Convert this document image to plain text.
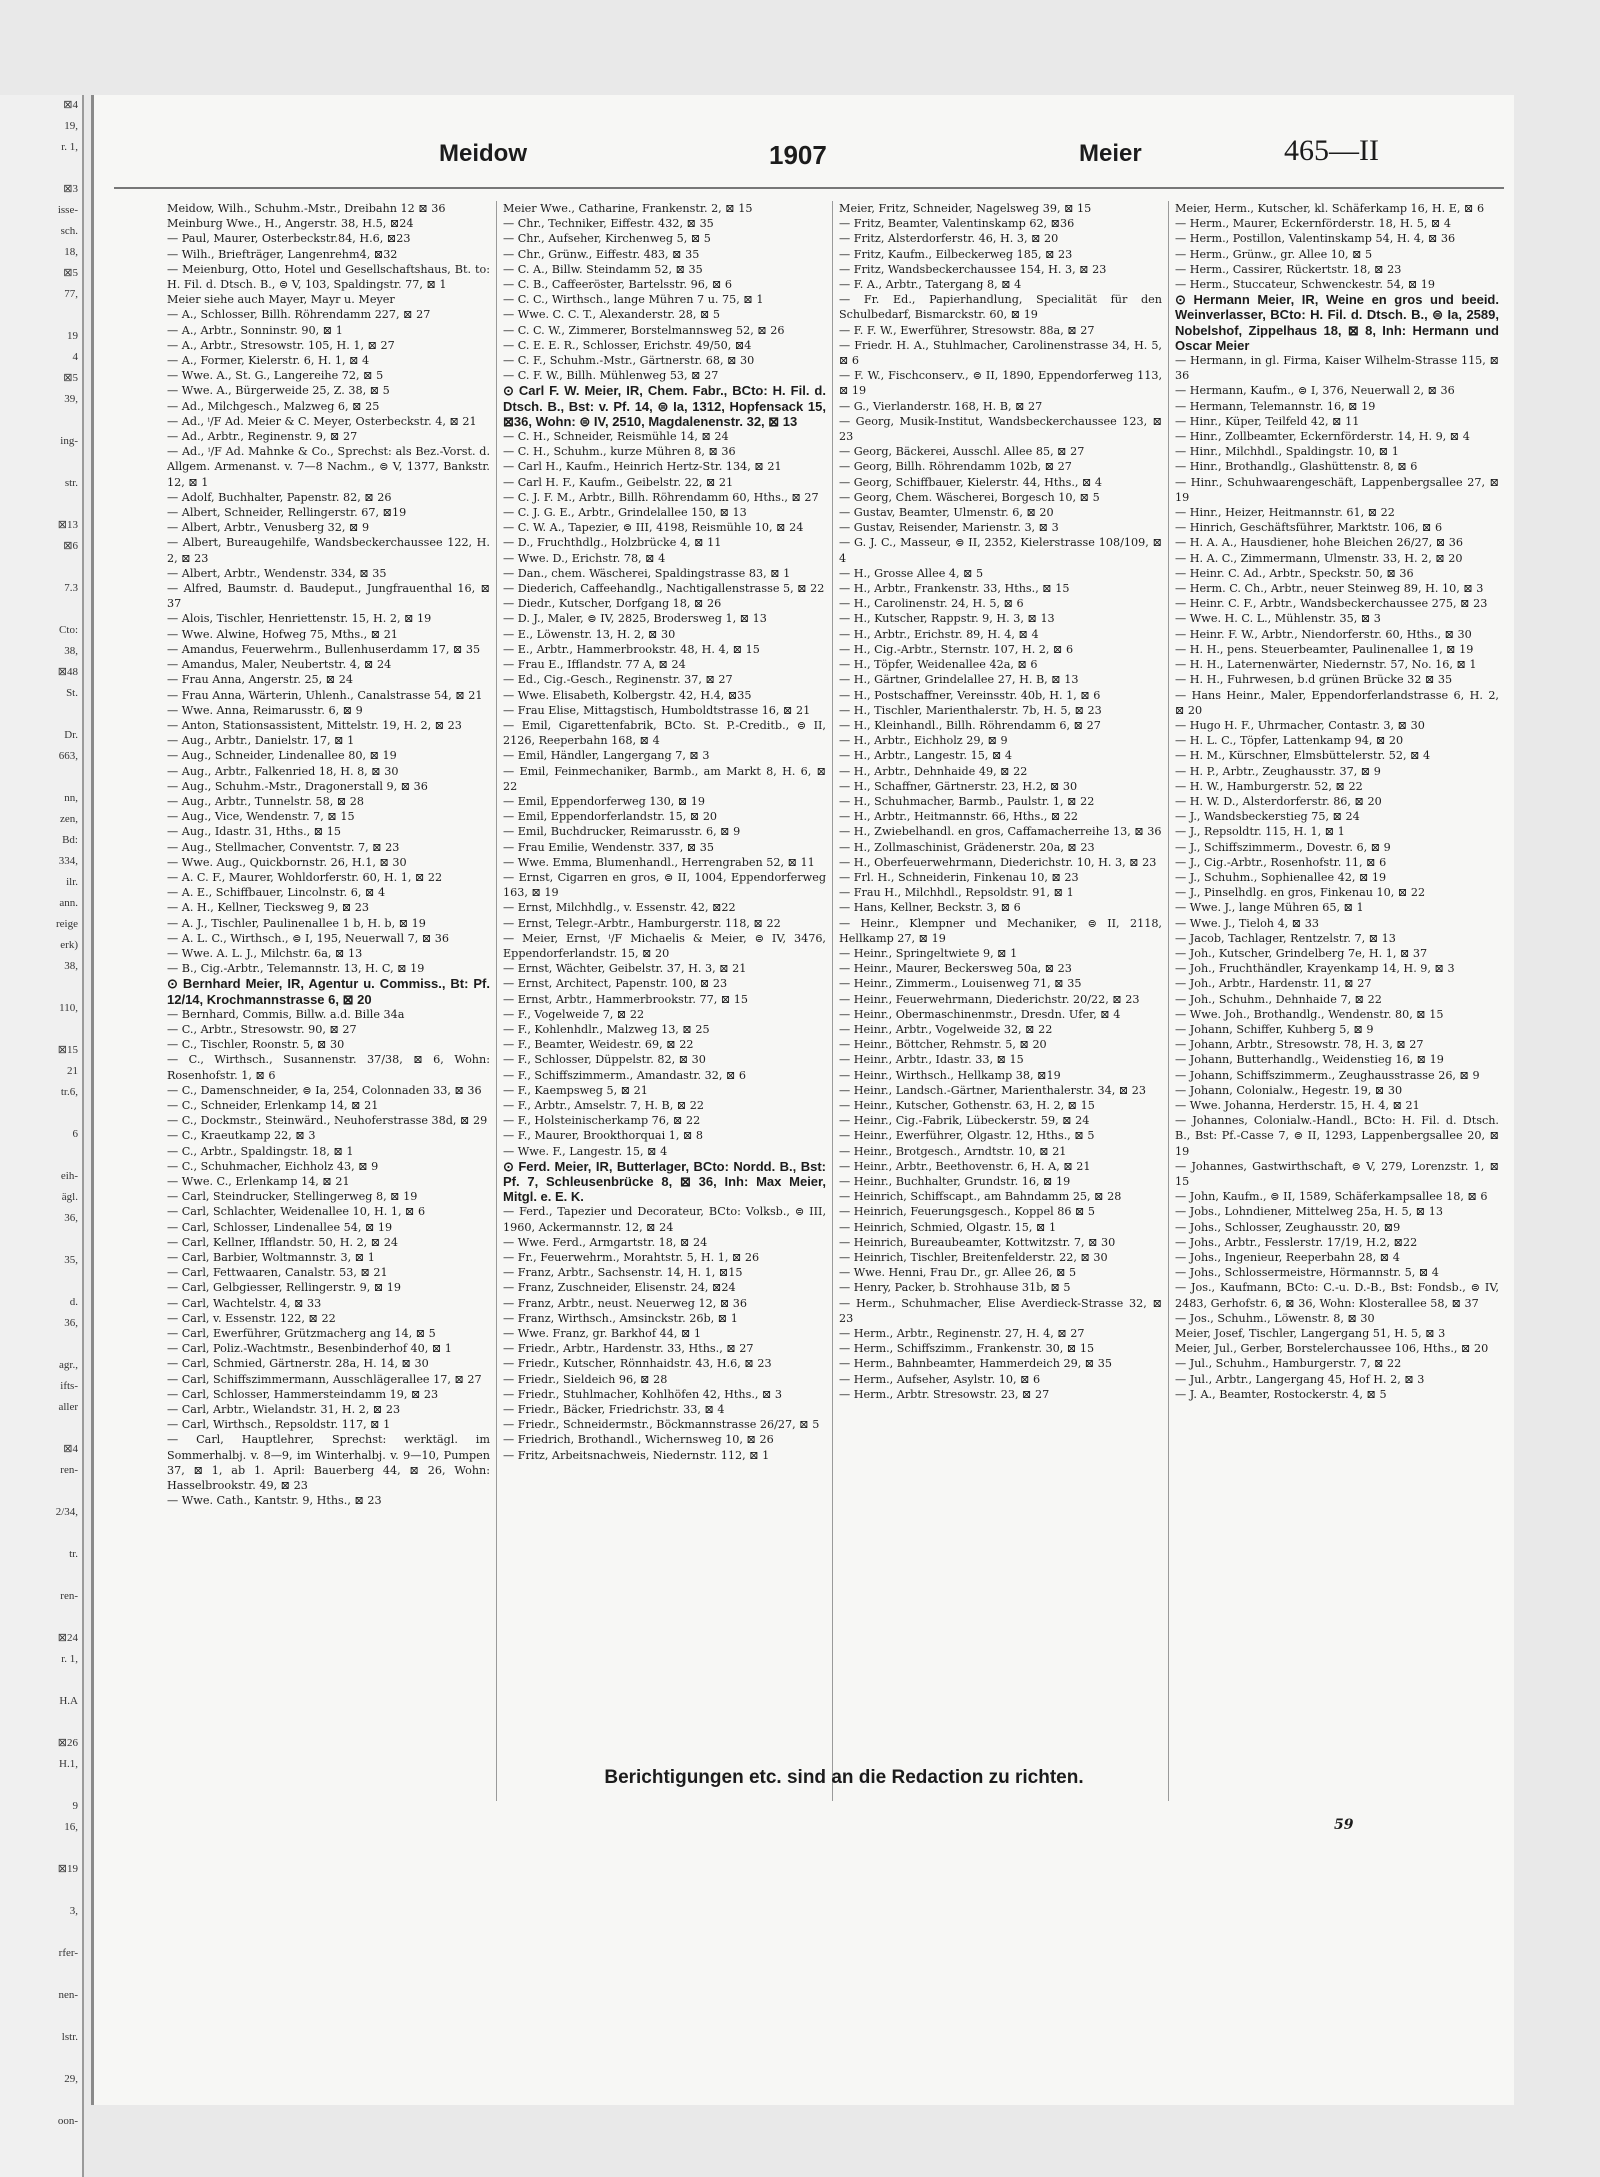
⊠4
19,
r. 1,

⊠3
isse-
sch.
18,
⊠5
77,

19
4
⊠5
39,

ing-

str.

⊠13
⊠6

7.3

Cto:
38,
⊠48
St.

Dr.
663,

nn,
zen,
Bd:
334,
ilr.
ann.
reige
erk)
38,

110,

⊠15
21
tr.6,

6

eih-
ägl.
36,

35,

d.
36,

agr.,
ifts-
aller

⊠4
ren-

2/34,

tr.

ren-

⊠24
r. 1,

H.A

⊠26
H.1,

9
16,

⊠19

3,

rfer-

nen-

lstr.

29,

oon-
Meidow	1907	Meier	465—II

Meidow, Wilh., Schuhm.-Mstr., Dreibahn 12 ⊠ 36

Meinburg Wwe., H., Angerstr. 38, H.5, ⊠24

— Paul, Maurer, Osterbeckstr.84, H.6, ⊠23

— Wilh., Briefträger, Langenrehm4, ⊠32

— Meienburg, Otto, Hotel und Gesellschaftshaus, Bt. to: H. Fil. d. Dtsch. B., ⊜ V, 103, Spaldingstr. 77, ⊠ 1

Meier siehe auch Mayer, Mayr u. Meyer

— A., Schlosser, Billh. Röhrendamm 227, ⊠ 27

— A., Arbtr., Sonninstr. 90, ⊠ 1

— A., Arbtr., Stresowstr. 105, H. 1, ⊠ 27

— A., Former, Kielerstr. 6, H. 1, ⊠ 4

— Wwe. A., St. G., Langereihe 72, ⊠ 5

— Wwe. A., Bürgerweide 25, Z. 38, ⊠ 5

— Ad., Milchgesch., Malzweg 6, ⊠ 25

— Ad., ⁱ/F Ad. Meier & C. Meyer, Osterbeckstr. 4, ⊠ 21

— Ad., Arbtr., Reginenstr. 9, ⊠ 27

— Ad., ⁱ/F Ad. Mahnke & Co., Sprechst: als Bez.-Vorst. d. Allgem. Armenanst. v. 7—8 Nachm., ⊜ V, 1377, Bankstr. 12, ⊠ 1

— Adolf, Buchhalter, Papenstr. 82, ⊠ 26

— Albert, Schneider, Rellingerstr. 67, ⊠19

— Albert, Arbtr., Venusberg 32, ⊠ 9

— Albert, Bureaugehilfe, Wandsbeckerchaussee 122, H. 2, ⊠ 23

— Albert, Arbtr., Wendenstr. 334, ⊠ 35

— Alfred, Baumstr. d. Baudeput., Jungfrauenthal 16, ⊠ 37

— Alois, Tischler, Henriettenstr. 15, H. 2, ⊠ 19

— Wwe. Alwine, Hofweg 75, Mths., ⊠ 21

— Amandus, Feuerwehrm., Bullenhuserdamm 17, ⊠ 35

— Amandus, Maler, Neubertstr. 4, ⊠ 24

— Frau Anna, Angerstr. 25, ⊠ 24

— Frau Anna, Wärterin, Uhlenh., Canalstrasse 54, ⊠ 21

— Wwe. Anna, Reimarusstr. 6, ⊠ 9

— Anton, Stationsassistent, Mittelstr. 19, H. 2, ⊠ 23

— Aug., Arbtr., Danielstr. 17, ⊠ 1

— Aug., Schneider, Lindenallee 80, ⊠ 19

— Aug., Arbtr., Falkenried 18, H. 8, ⊠ 30

— Aug., Schuhm.-Mstr., Dragonerstall 9, ⊠ 36

— Aug., Arbtr., Tunnelstr. 58, ⊠ 28

— Aug., Vice, Wendenstr. 7, ⊠ 15

— Aug., Idastr. 31, Hths., ⊠ 15

— Aug., Stellmacher, Conventstr. 7, ⊠ 23

— Wwe. Aug., Quickbornstr. 26, H.1, ⊠ 30

— A. C. F., Maurer, Wohldorferstr. 60, H. 1, ⊠ 22

— A. E., Schiffbauer, Lincolnstr. 6, ⊠ 4

— A. H., Kellner, Tiecksweg 9, ⊠ 23

— A. J., Tischler, Paulinenallee 1 b, H. b, ⊠ 19

— A. L. C., Wirthsch., ⊜ I, 195, Neuerwall 7, ⊠ 36

— Wwe. A. L. J., Milchstr. 6a, ⊠ 13

— B., Cig.-Arbtr., Telemannstr. 13, H. C, ⊠ 19

⊙ Bernhard Meier, IR, Agentur u. Commiss., Bt: Pf. 12/14, Krochmannstrasse 6, ⊠ 20

— Bernhard, Commis, Billw. a.d. Bille 34a

— C., Arbtr., Stresowstr. 90, ⊠ 27

— C., Tischler, Roonstr. 5, ⊠ 30

— C., Wirthsch., Susannenstr. 37/38, ⊠ 6, Wohn: Rosenhofstr. 1, ⊠ 6

— C., Damenschneider, ⊜ Ia, 254, Colonnaden 33, ⊠ 36

— C., Schneider, Erlenkamp 14, ⊠ 21

— C., Dockmstr., Steinwärd., Neuhoferstrasse 38d, ⊠ 29

— C., Kraeutkamp 22, ⊠ 3

— C., Arbtr., Spaldingstr. 18, ⊠ 1

— C., Schuhmacher, Eichholz 43, ⊠ 9

— Wwe. C., Erlenkamp 14, ⊠ 21

— Carl, Steindrucker, Stellingerweg 8, ⊠ 19

— Carl, Schlachter, Weidenallee 10, H. 1, ⊠ 6

— Carl, Schlosser, Lindenallee 54, ⊠ 19

— Carl, Kellner, Ifflandstr. 50, H. 2, ⊠ 24

— Carl, Barbier, Woltmannstr. 3, ⊠ 1

— Carl, Fettwaaren, Canalstr. 53, ⊠ 21

— Carl, Gelbgiesser, Rellingerstr. 9, ⊠ 19

— Carl, Wachtelstr. 4, ⊠ 33

— Carl, v. Essenstr. 122, ⊠ 22

— Carl, Ewerführer, Grützmacherg ang 14, ⊠ 5

— Carl, Poliz.-Wachtmstr., Besenbinderhof 40, ⊠ 1

— Carl, Schmied, Gärtnerstr. 28a, H. 14, ⊠ 30

— Carl, Schiffszimmermann, Ausschlägerallee 17, ⊠ 27

— Carl, Schlosser, Hammersteindamm 19, ⊠ 23

— Carl, Arbtr., Wielandstr. 31, H. 2, ⊠ 23

— Carl, Wirthsch., Repsoldstr. 117, ⊠ 1

— Carl, Hauptlehrer, Sprechst: werktägl. im Sommerhalbj. v. 8—9, im Winterhalbj. v. 9—10, Pumpen 37, ⊠ 1, ab 1. April: Bauerberg 44, ⊠ 26, Wohn: Hasselbrookstr. 49, ⊠ 23

— Wwe. Cath., Kantstr. 9, Hths., ⊠ 23

Meier Wwe., Catharine, Frankenstr. 2, ⊠ 15

— Chr., Techniker, Eiffestr. 432, ⊠ 35

— Chr., Aufseher, Kirchenweg 5, ⊠ 5

— Chr., Grünw., Eiffestr. 483, ⊠ 35

— C. A., Billw. Steindamm 52, ⊠ 35

— C. B., Caffeeröster, Bartelsstr. 96, ⊠ 6

— C. C., Wirthsch., lange Mühren 7 u. 75, ⊠ 1

— Wwe. C. C. T., Alexanderstr. 28, ⊠ 5

— C. C. W., Zimmerer, Borstelmannsweg 52, ⊠ 26

— C. E. E. R., Schlosser, Erichstr. 49/50, ⊠4

— C. F., Schuhm.-Mstr., Gärtnerstr. 68, ⊠ 30

— C. F. W., Billh. Mühlenweg 53, ⊠ 27

⊙ Carl F. W. Meier, IR, Chem. Fabr., BCto: H. Fil. d. Dtsch. B., Bst: v. Pf. 14, ⊜ Ia, 1312, Hopfensack 15, ⊠36, Wohn: ⊜ IV, 2510, Magdalenenstr. 32, ⊠ 13

— C. H., Schneider, Reismühle 14, ⊠ 24

— C. H., Schuhm., kurze Mühren 8, ⊠ 36

— Carl H., Kaufm., Heinrich Hertz-Str. 134, ⊠ 21

— Carl H. F., Kaufm., Geibelstr. 22, ⊠ 21

— C. J. F. M., Arbtr., Billh. Röhrendamm 60, Hths., ⊠ 27

— C. J. G. E., Arbtr., Grindelallee 150, ⊠ 13

— C. W. A., Tapezier, ⊜ III, 4198, Reismühle 10, ⊠ 24

— D., Fruchthdlg., Holzbrücke 4, ⊠ 11

— Wwe. D., Erichstr. 78, ⊠ 4

— Dan., chem. Wäscherei, Spaldingstrasse 83, ⊠ 1

— Diederich, Caffeehandlg., Nachtigallenstrasse 5, ⊠ 22

— Diedr., Kutscher, Dorfgang 18, ⊠ 26

— D. J., Maler, ⊜ IV, 2825, Brodersweg 1, ⊠ 13

— E., Löwenstr. 13, H. 2, ⊠ 30

— E., Arbtr., Hammerbrookstr. 48, H. 4, ⊠ 15

— Frau E., Ifflandstr. 77 A, ⊠ 24

— Ed., Cig.-Gesch., Reginenstr. 37, ⊠ 27

— Wwe. Elisabeth, Kolbergstr. 42, H.4, ⊠35

— Frau Elise, Mittagstisch, Humboldtstrasse 16, ⊠ 21

— Emil, Cigarettenfabrik, BCto. St. P.-Creditb., ⊜ II, 2126, Reeperbahn 168, ⊠ 4

— Emil, Händler, Langergang 7, ⊠ 3

— Emil, Feinmechaniker, Barmb., am Markt 8, H. 6, ⊠ 22

— Emil, Eppendorferweg 130, ⊠ 19

— Emil, Eppendorferlandstr. 15, ⊠ 20

— Emil, Buchdrucker, Reimarusstr. 6, ⊠ 9

— Frau Emilie, Wendenstr. 337, ⊠ 35

— Wwe. Emma, Blumenhandl., Herrengraben 52, ⊠ 11

— Ernst, Cigarren en gros, ⊜ II, 1004, Eppendorferweg 163, ⊠ 19

— Ernst, Milchhdlg., v. Essenstr. 42, ⊠22

— Ernst, Telegr.-Arbtr., Hamburgerstr. 118, ⊠ 22

— Meier, Ernst, ⁱ/F Michaelis & Meier, ⊜ IV, 3476, Eppendorferlandstr. 15, ⊠ 20

— Ernst, Wächter, Geibelstr. 37, H. 3, ⊠ 21

— Ernst, Architect, Papenstr. 100, ⊠ 23

— Ernst, Arbtr., Hammerbrookstr. 77, ⊠ 15

— F., Vogelweide 7, ⊠ 22

— F., Kohlenhdlr., Malzweg 13, ⊠ 25

— F., Beamter, Weidestr. 69, ⊠ 22

— F., Schlosser, Düppelstr. 82, ⊠ 30

— F., Schiffszimmerm., Amandastr. 32, ⊠ 6

— F., Kaempsweg 5, ⊠ 21

— F., Arbtr., Amselstr. 7, H. B, ⊠ 22

— F., Holsteinischerkamp 76, ⊠ 22

— F., Maurer, Brookthorquai 1, ⊠ 8

— Wwe. F., Langestr. 15, ⊠ 4

⊙ Ferd. Meier, IR, Butterlager, BCto: Nordd. B., Bst: Pf. 7, Schleusenbrücke 8, ⊠ 36, Inh: Max Meier, Mitgl. e. E. K.

— Ferd., Tapezier und Decorateur, BCto: Volksb., ⊜ III, 1960, Ackermannstr. 12, ⊠ 24

— Wwe. Ferd., Armgartstr. 18, ⊠ 24

— Fr., Feuerwehrm., Morahtstr. 5, H. 1, ⊠ 26

— Franz, Arbtr., Sachsenstr. 14, H. 1, ⊠15

— Franz, Zuschneider, Elisenstr. 24, ⊠24

— Franz, Arbtr., neust. Neuerweg 12, ⊠ 36

— Franz, Wirthsch., Amsinckstr. 26b, ⊠ 1

— Wwe. Franz, gr. Barkhof 44, ⊠ 1

— Friedr., Arbtr., Hardenstr. 33, Hths., ⊠ 27

— Friedr., Kutscher, Rönnhaidstr. 43, H.6, ⊠ 23

— Friedr., Sieldeich 96, ⊠ 28

— Friedr., Stuhlmacher, Kohlhöfen 42, Hths., ⊠ 3

— Friedr., Bäcker, Friedrichstr. 33, ⊠ 4

— Friedr., Schneidermstr., Böckmannstrasse 26/27, ⊠ 5

— Friedrich, Brothandl., Wichernsweg 10, ⊠ 26

— Fritz, Arbeitsnachweis, Niedernstr. 112, ⊠ 1

Meier, Fritz, Schneider, Nagelsweg 39, ⊠ 15

— Fritz, Beamter, Valentinskamp 62, ⊠36

— Fritz, Alsterdorferstr. 46, H. 3, ⊠ 20

— Fritz, Kaufm., Eilbeckerweg 185, ⊠ 23

— Fritz, Wandsbeckerchaussee 154, H. 3, ⊠ 23

— F. A., Arbtr., Tatergang 8, ⊠ 4

— Fr. Ed., Papierhandlung, Specialität für den Schulbedarf, Bismarckstr. 60, ⊠ 19

— F. F. W., Ewerführer, Stresowstr. 88a, ⊠ 27

— Friedr. H. A., Stuhlmacher, Carolinenstrasse 34, H. 5, ⊠ 6

— F. W., Fischconserv., ⊜ II, 1890, Eppendorferweg 113, ⊠ 19

— G., Vierlanderstr. 168, H. B, ⊠ 27

— Georg, Musik-Institut, Wandsbeckerchaussee 123, ⊠ 23

— Georg, Bäckerei, Ausschl. Allee 85, ⊠ 27

— Georg, Billh. Röhrendamm 102b, ⊠ 27

— Georg, Schiffbauer, Kielerstr. 44, Hths., ⊠ 4

— Georg, Chem. Wäscherei, Borgesch 10, ⊠ 5

— Gustav, Beamter, Ulmenstr. 6, ⊠ 20

— Gustav, Reisender, Marienstr. 3, ⊠ 3

— G. J. C., Masseur, ⊜ II, 2352, Kielerstrasse 108/109, ⊠ 4

— H., Grosse Allee 4, ⊠ 5

— H., Arbtr., Frankenstr. 33, Hths., ⊠ 15

— H., Carolinenstr. 24, H. 5, ⊠ 6

— H., Kutscher, Rappstr. 9, H. 3, ⊠ 13

— H., Arbtr., Erichstr. 89, H. 4, ⊠ 4

— H., Cig.-Arbtr., Sternstr. 107, H. 2, ⊠ 6

— H., Töpfer, Weidenallee 42a, ⊠ 6

— H., Gärtner, Grindelallee 27, H. B, ⊠ 13

— H., Postschaffner, Vereinsstr. 40b, H. 1, ⊠ 6

— H., Tischler, Marienthalerstr. 7b, H. 5, ⊠ 23

— H., Kleinhandl., Billh. Röhrendamm 6, ⊠ 27

— H., Arbtr., Eichholz 29, ⊠ 9

— H., Arbtr., Langestr. 15, ⊠ 4

— H., Arbtr., Dehnhaide 49, ⊠ 22

— H., Schaffner, Gärtnerstr. 23, H.2, ⊠ 30

— H., Schuhmacher, Barmb., Paulstr. 1, ⊠ 22

— H., Arbtr., Heitmannstr. 66, Hths., ⊠ 22

— H., Zwiebelhandl. en gros, Caffamacherreihe 13, ⊠ 36

— H., Zollmaschinist, Grädenerstr. 20a, ⊠ 23

— H., Oberfeuerwehrmann, Diederichstr. 10, H. 3, ⊠ 23

— Frl. H., Schneiderin, Finkenau 10, ⊠ 23

— Frau H., Milchhdl., Repsoldstr. 91, ⊠ 1

— Hans, Kellner, Beckstr. 3, ⊠ 6

— Heinr., Klempner und Mechaniker, ⊜ II, 2118, Hellkamp 27, ⊠ 19

— Heinr., Springeltwiete 9, ⊠ 1

— Heinr., Maurer, Beckersweg 50a, ⊠ 23

— Heinr., Zimmerm., Louisenweg 71, ⊠ 35

— Heinr., Feuerwehrmann, Diederichstr. 20/22, ⊠ 23

— Heinr., Obermaschinenmstr., Dresdn. Ufer, ⊠ 4

— Heinr., Arbtr., Vogelweide 32, ⊠ 22

— Heinr., Böttcher, Rehmstr. 5, ⊠ 20

— Heinr., Arbtr., Idastr. 33, ⊠ 15

— Heinr., Wirthsch., Hellkamp 38, ⊠19

— Heinr., Landsch.-Gärtner, Marienthalerstr. 34, ⊠ 23

— Heinr., Kutscher, Gothenstr. 63, H. 2, ⊠ 15

— Heinr., Cig.-Fabrik, Lübeckerstr. 59, ⊠ 24

— Heinr., Ewerführer, Olgastr. 12, Hths., ⊠ 5

— Heinr., Brotgesch., Arndtstr. 10, ⊠ 21

— Heinr., Arbtr., Beethovenstr. 6, H. A, ⊠ 21

— Heinr., Buchhalter, Grundstr. 16, ⊠ 19

— Heinrich, Schiffscapt., am Bahndamm 25, ⊠ 28

— Heinrich, Feuerungsgesch., Koppel 86 ⊠ 5

— Heinrich, Schmied, Olgastr. 15, ⊠ 1

— Heinrich, Bureaubeamter, Kottwitzstr. 7, ⊠ 30

— Heinrich, Tischler, Breitenfelderstr. 22, ⊠ 30

— Wwe. Henni, Frau Dr., gr. Allee 26, ⊠ 5

— Henry, Packer, b. Strohhause 31b, ⊠ 5

— Herm., Schuhmacher, Elise Averdieck-Strasse 32, ⊠ 23

— Herm., Arbtr., Reginenstr. 27, H. 4, ⊠ 27

— Herm., Schiffszimm., Frankenstr. 30, ⊠ 15

— Herm., Bahnbeamter, Hammerdeich 29, ⊠ 35

— Herm., Aufseher, Asylstr. 10, ⊠ 6

— Herm., Arbtr. Stresowstr. 23, ⊠ 27

Meier, Herm., Kutscher, kl. Schäferkamp 16, H. E, ⊠ 6

— Herm., Maurer, Eckernförderstr. 18, H. 5, ⊠ 4

— Herm., Postillon, Valentinskamp 54, H. 4, ⊠ 36

— Herm., Grünw., gr. Allee 10, ⊠ 5

— Herm., Cassirer, Rückertstr. 18, ⊠ 23

— Herm., Stuccateur, Schwenckestr. 54, ⊠ 19

⊙ Hermann Meier, IR, Weine en gros und beeid. Weinverlasser, BCto: H. Fil. d. Dtsch. B., ⊜ Ia, 2589, Nobelshof, Zippelhaus 18, ⊠ 8, Inh: Hermann und Oscar Meier

— Hermann, in gl. Firma, Kaiser Wilhelm-Strasse 115, ⊠ 36

— Hermann, Kaufm., ⊜ I, 376, Neuerwall 2, ⊠ 36

— Hermann, Telemannstr. 16, ⊠ 19

— Hinr., Küper, Teilfeld 42, ⊠ 11

— Hinr., Zollbeamter, Eckernförderstr. 14, H. 9, ⊠ 4

— Hinr., Milchhdl., Spaldingstr. 10, ⊠ 1

— Hinr., Brothandlg., Glashüttenstr. 8, ⊠ 6

— Hinr., Schuhwaarengeschäft, Lappenbergsallee 27, ⊠ 19

— Hinr., Heizer, Heitmannstr. 61, ⊠ 22

— Hinrich, Geschäftsführer, Marktstr. 106, ⊠ 6

— H. A. A., Hausdiener, hohe Bleichen 26/27, ⊠ 36

— H. A. C., Zimmermann, Ulmenstr. 33, H. 2, ⊠ 20

— Heinr. C. Ad., Arbtr., Speckstr. 50, ⊠ 36

— Herm. C. Ch., Arbtr., neuer Steinweg 89, H. 10, ⊠ 3

— Heinr. C. F., Arbtr., Wandsbeckerchaussee 275, ⊠ 23

— Wwe. H. C. L., Mühlenstr. 35, ⊠ 3

— Heinr. F. W., Arbtr., Niendorferstr. 60, Hths., ⊠ 30

— H. H., pens. Steuerbeamter, Paulinenallee 1, ⊠ 19

— H. H., Laternenwärter, Niedernstr. 57, No. 16, ⊠ 1

— H. H., Fuhrwesen, b.d grünen Brücke 32 ⊠ 35

— Hans Heinr., Maler, Eppendorferlandstrasse 6, H. 2, ⊠ 20

— Hugo H. F., Uhrmacher, Contastr. 3, ⊠ 30

— H. L. C., Töpfer, Lattenkamp 94, ⊠ 20

— H. M., Kürschner, Elmsbüttelerstr. 52, ⊠ 4

— H. P., Arbtr., Zeughausstr. 37, ⊠ 9

— H. W., Hamburgerstr. 52, ⊠ 22

— H. W. D., Alsterdorferstr. 86, ⊠ 20

— J., Wandsbeckerstieg 75, ⊠ 24

— J., Repsoldtr. 115, H. 1, ⊠ 1

— J., Schiffszimmerm., Dovestr. 6, ⊠ 9

— J., Cig.-Arbtr., Rosenhofstr. 11, ⊠ 6

— J., Schuhm., Sophienallee 42, ⊠ 19

— J., Pinselhdlg. en gros, Finkenau 10, ⊠ 22

— Wwe. J., lange Mühren 65, ⊠ 1

— Wwe. J., Tieloh 4, ⊠ 33

— Jacob, Tachlager, Rentzelstr. 7, ⊠ 13

— Joh., Kutscher, Grindelberg 7e, H. 1, ⊠ 37

— Joh., Fruchthändler, Krayenkamp 14, H. 9, ⊠ 3

— Joh., Arbtr., Hardenstr. 11, ⊠ 27

— Joh., Schuhm., Dehnhaide 7, ⊠ 22

— Wwe. Joh., Brothandlg., Wendenstr. 80, ⊠ 15

— Johann, Schiffer, Kuhberg 5, ⊠ 9

— Johann, Arbtr., Stresowstr. 78, H. 3, ⊠ 27

— Johann, Butterhandlg., Weidenstieg 16, ⊠ 19

— Johann, Schiffszimmerm., Zeughausstrasse 26, ⊠ 9

— Johann, Colonialw., Hegestr. 19, ⊠ 30

— Wwe. Johanna, Herderstr. 15, H. 4, ⊠ 21

— Johannes, Colonialw.-Handl., BCto: H. Fil. d. Dtsch. B., Bst: Pf.-Casse 7, ⊜ II, 1293, Lappenbergsallee 20, ⊠ 19

— Johannes, Gastwirthschaft, ⊜ V, 279, Lorenzstr. 1, ⊠ 15

— John, Kaufm., ⊜ II, 1589, Schäferkampsallee 18, ⊠ 6

— Jobs., Lohndiener, Mittelweg 25a, H. 5, ⊠ 13

— Johs., Schlosser, Zeughausstr. 20, ⊠9

— Johs., Arbtr., Fesslerstr. 17/19, H.2, ⊠22

— Johs., Ingenieur, Reeperbahn 28, ⊠ 4

— Johs., Schlossermeistre, Hörmannstr. 5, ⊠ 4

— Jos., Kaufmann, BCto: C.-u. D.-B., Bst: Fondsb., ⊜ IV, 2483, Gerhofstr. 6, ⊠ 36, Wohn: Klosterallee 58, ⊠ 37

— Jos., Schuhm., Löwenstr. 8, ⊠ 30

Meier, Josef, Tischler, Langergang 51, H. 5, ⊠ 3

Meier, Jul., Gerber, Borstelerchaussee 106, Hths., ⊠ 20

— Jul., Schuhm., Hamburgerstr. 7, ⊠ 22

— Jul., Arbtr., Langergang 45, Hof H. 2, ⊠ 3

— J. A., Beamter, Rostockerstr. 4, ⊠ 5

Berichtigungen etc. sind an die Redaction zu richten.
59
